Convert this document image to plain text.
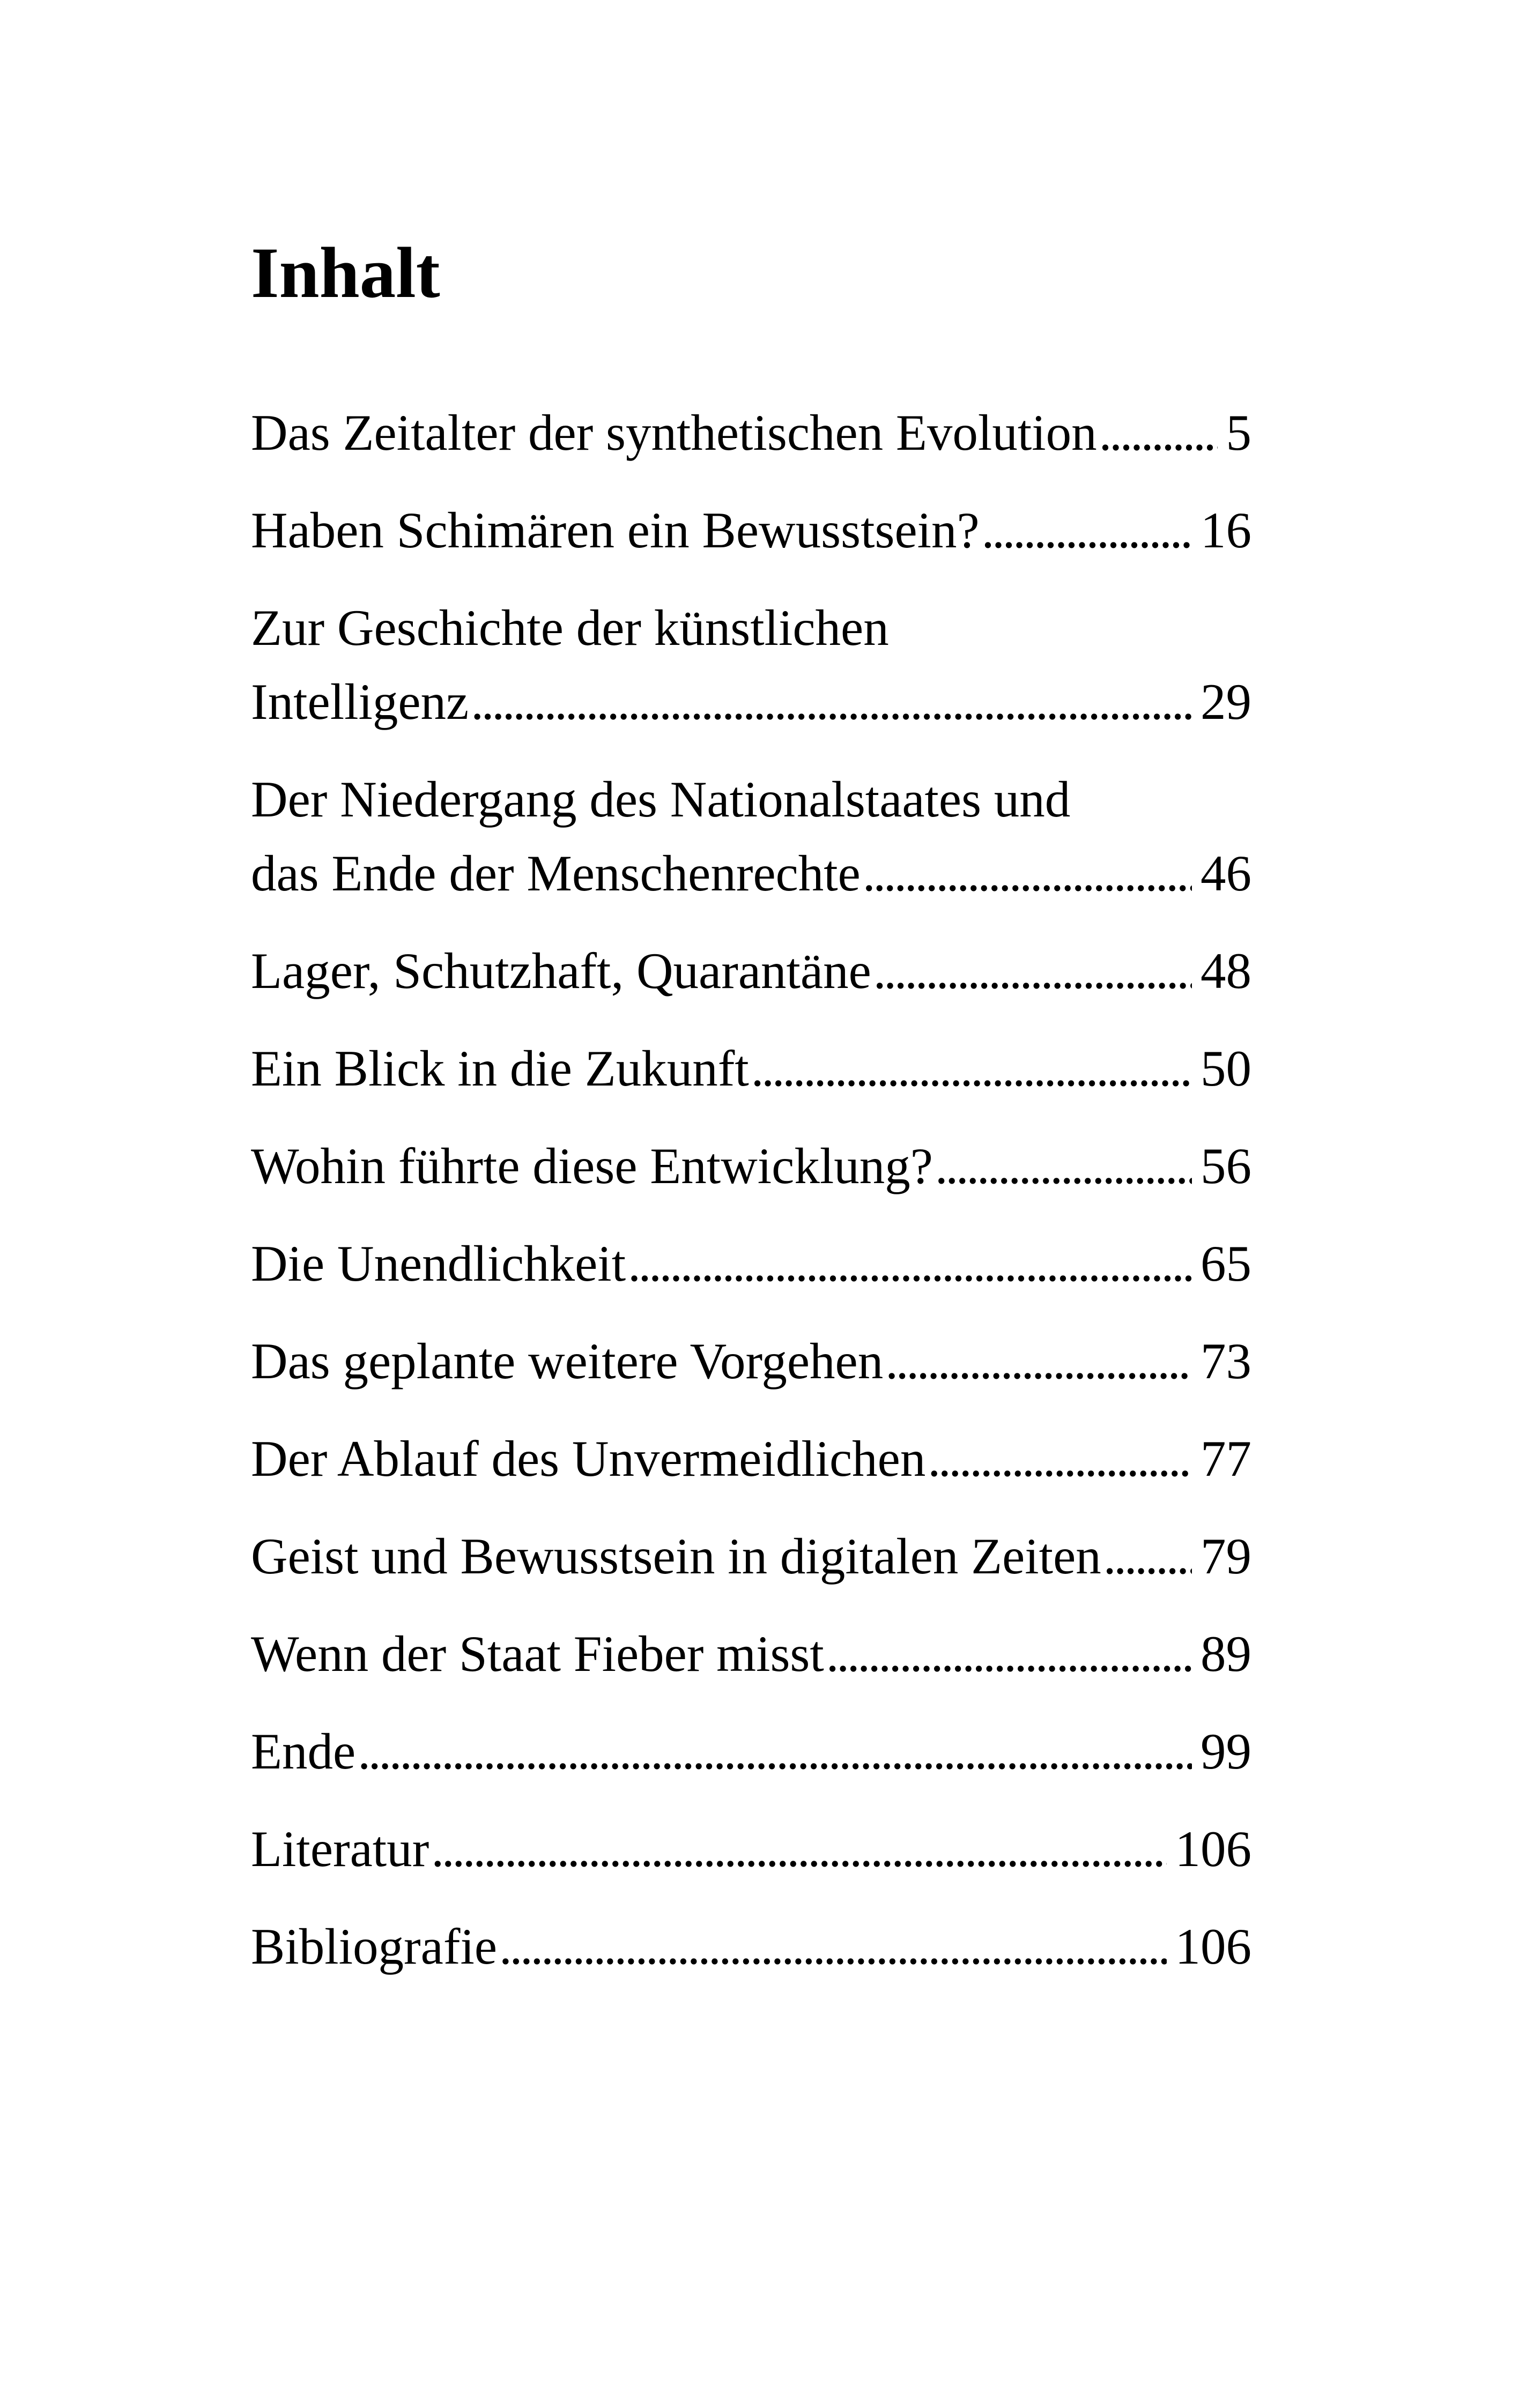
Inhalt
Das Zeitalter der synthetischen Evolution . . .	5
Haben Schimären ein Bewusstsein? . . .	16
Zur Geschichte der künstlichen
Intelligenz . . .	29
Der Niedergang des Nationalstaates und
das Ende der Menschenrechte . . .	46
Lager, Schutzhaft, Quarantäne . . .	48
Ein Blick in die Zukunft . . .	50
Wohin führte diese Entwicklung? . . .	56
Die Unendlichkeit . . .	65
Das geplante weitere Vorgehen . . .	73
Der Ablauf des Unvermeidlichen . . .	77
Geist und Bewusstsein in digitalen Zeiten . . . 79
Wenn der Staat Fieber misst . . .	89
Ende . . .	99
Literatur . . .	106
Bibliografie . . .	106
